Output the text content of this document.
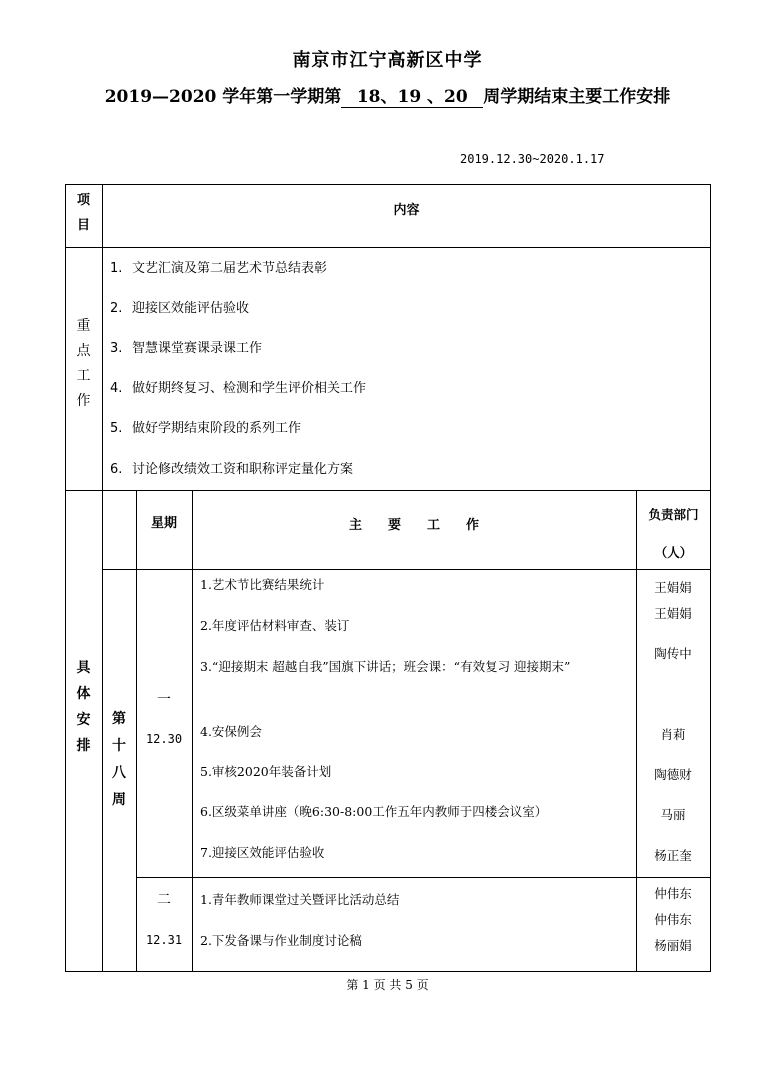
南京市江宁高新区中学
2019—2020 学年第一学期第 18、19 、20 周学期结束主要工作安排
2019.12.30~2020.1.17
项
目
内容
重
点
工
作
1. 文艺汇演及第二届艺术节总结表彰
2. 迎接区效能评估验收
3. 智慧课堂赛课录课工作
4. 做好期终复习、检测和学生评价相关工作
5. 做好学期结束阶段的系列工作
6. 讨论修改绩效工资和职称评定量化方案
具
体
安
排
星期	主　　要　　工　　作
负责部门
（人）
第
十
八
周
一
12.30
1.艺术节比赛结果统计
2.年度评估材料审查、装订
3.“迎接期末 超越自我”国旗下讲话；班会课：“有效复习 迎接期末”
4.安保例会
5.审核2020年装备计划
6.区级菜单讲座（晚6:30-8:00工作五年内教师于四楼会议室）
7.迎接区效能评估验收
王娟娟
王娟娟
陶传中
肖莉
陶德财
马丽
杨正奎
二
12.31
1.青年教师课堂过关暨评比活动总结
2.下发备课与作业制度讨论稿
仲伟东
仲伟东
杨丽娟
第 1 页 共 5 页
